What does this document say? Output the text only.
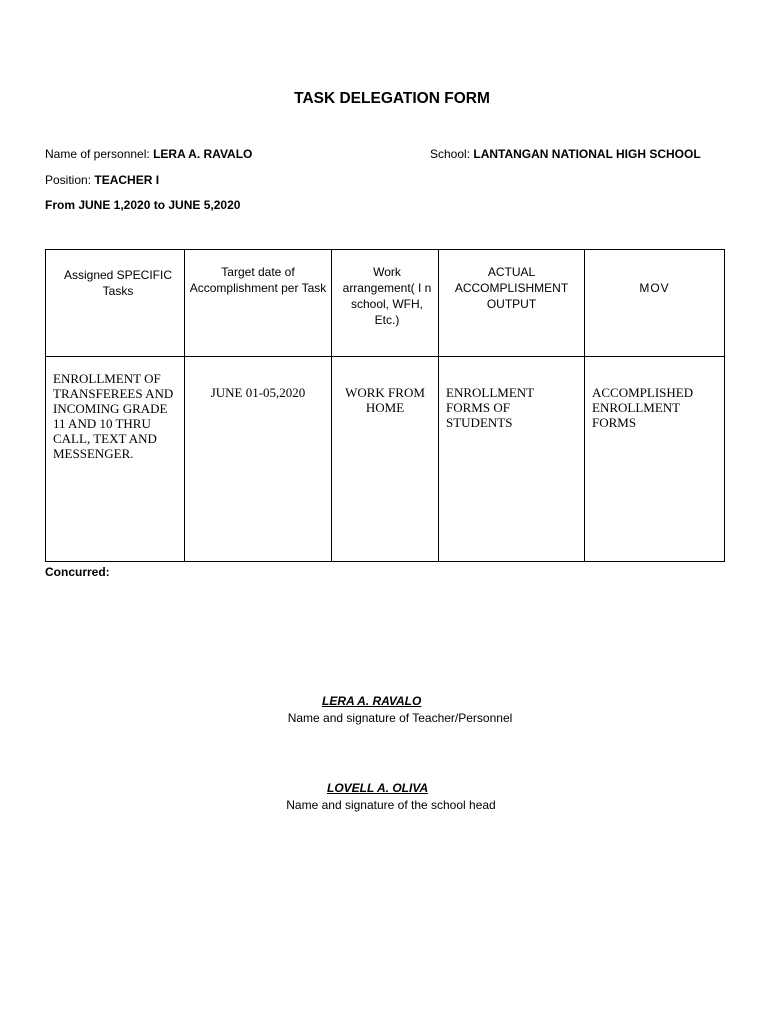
TASK DELEGATION FORM
Name of personnel: LERA A. RAVALO	School: LANTANGAN NATIONAL HIGH SCHOOL
Position: TEACHER I
From JUNE 1,2020 to JUNE 5,2020
Assigned SPECIFIC Tasks	Target date of Accomplishment per Task	Work arrangement( I n school, WFH, Etc.)	ACTUAL ACCOMPLISHMENT OUTPUT	MOV
ENROLLMENT OF TRANSFEREES AND INCOMING GRADE 11 AND 10 THRU CALL, TEXT AND MESSENGER.	JUNE 01-05,2020	WORK FROM HOME	ENROLLMENT FORMS OF STUDENTS	ACCOMPLISHED ENROLLMENT FORMS
Concurred:
LERA A. RAVALO
Name and signature of Teacher/Personnel
LOVELL A. OLIVA
Name and signature of the school head
